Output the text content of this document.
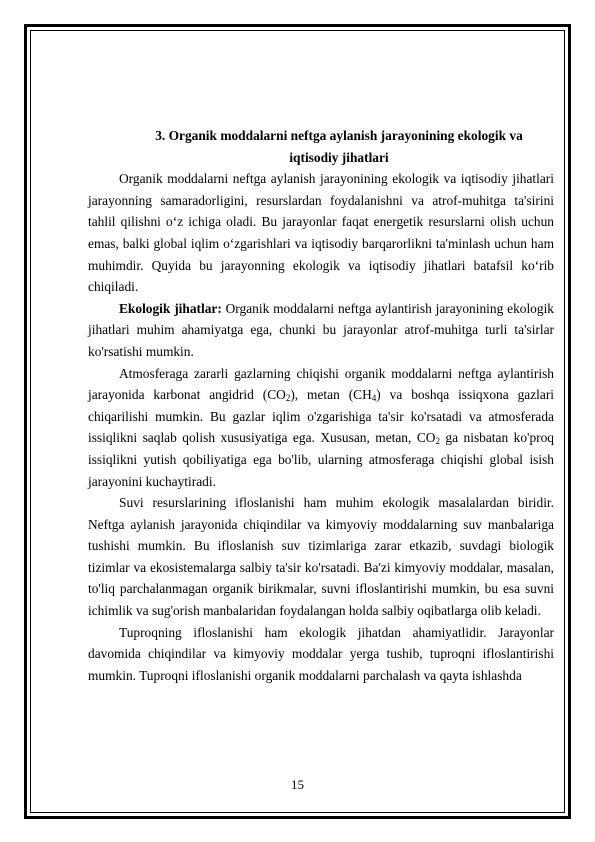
3. Organik moddalarni neftga aylanish jarayonining ekologik va
iqtisodiy jihatlari

Organik moddalarni neftga aylanish jarayonining ekologik va iqtisodiy jihatlari jarayonning samaradorligini, resurslardan foydalanishni va atrof-muhitga ta'sirini tahlil qilishni o‘z ichiga oladi. Bu jarayonlar faqat energetik resurslarni olish uchun emas, balki global iqlim o‘zgarishlari va iqtisodiy barqarorlikni ta'minlash uchun ham muhimdir. Quyida bu jarayonning ekologik va iqtisodiy jihatlari batafsil ko‘rib chiqiladi.

Ekologik jihatlar: Organik moddalarni neftga aylantirish jarayonining ekologik jihatlari muhim ahamiyatga ega, chunki bu jarayonlar atrof-muhitga turli ta'sirlar ko'rsatishi mumkin.

Atmosferaga zararli gazlarning chiqishi organik moddalarni neftga aylantirish jarayonida karbonat angidrid $(CO_2)$, metan $(CH_4)$ va boshqa issiqxona gazlari chiqarilishi mumkin. Bu gazlar iqlim o'zgarishiga ta'sir ko'rsatadi va atmosferada issiqlikni saqlab qolish xususiyatiga ega. Xususan, metan, $CO_2$ ga nisbatan ko'proq issiqlikni yutish qobiliyatiga ega bo'lib, ularning atmosferaga chiqishi global isish jarayonini kuchaytiradi.

Suvi resurslarining ifloslanishi ham muhim ekologik masalalardan biridir. Neftga aylanish jarayonida chiqindilar va kimyoviy moddalarning suv manbalariga tushishi mumkin. Bu ifloslanish suv tizimlariga zarar etkazib, suvdagi biologik tizimlar va ekosistemalarga salbiy ta'sir ko'rsatadi. Ba'zi kimyoviy moddalar, masalan, to'liq parchalanmagan organik birikmalar, suvni ifloslantirishi mumkin, bu esa suvni ichimlik va sug'orish manbalaridan foydalangan holda salbiy oqibatlarga olib keladi.

Tuproqning ifloslanishi ham ekologik jihatdan ahamiyatlidir. Jarayonlar davomida chiqindilar va kimyoviy moddalar yerga tushib, tuproqni ifloslantirishi mumkin. Tuproqni ifloslanishi organik moddalarni parchalash va qayta ishlashda

15
